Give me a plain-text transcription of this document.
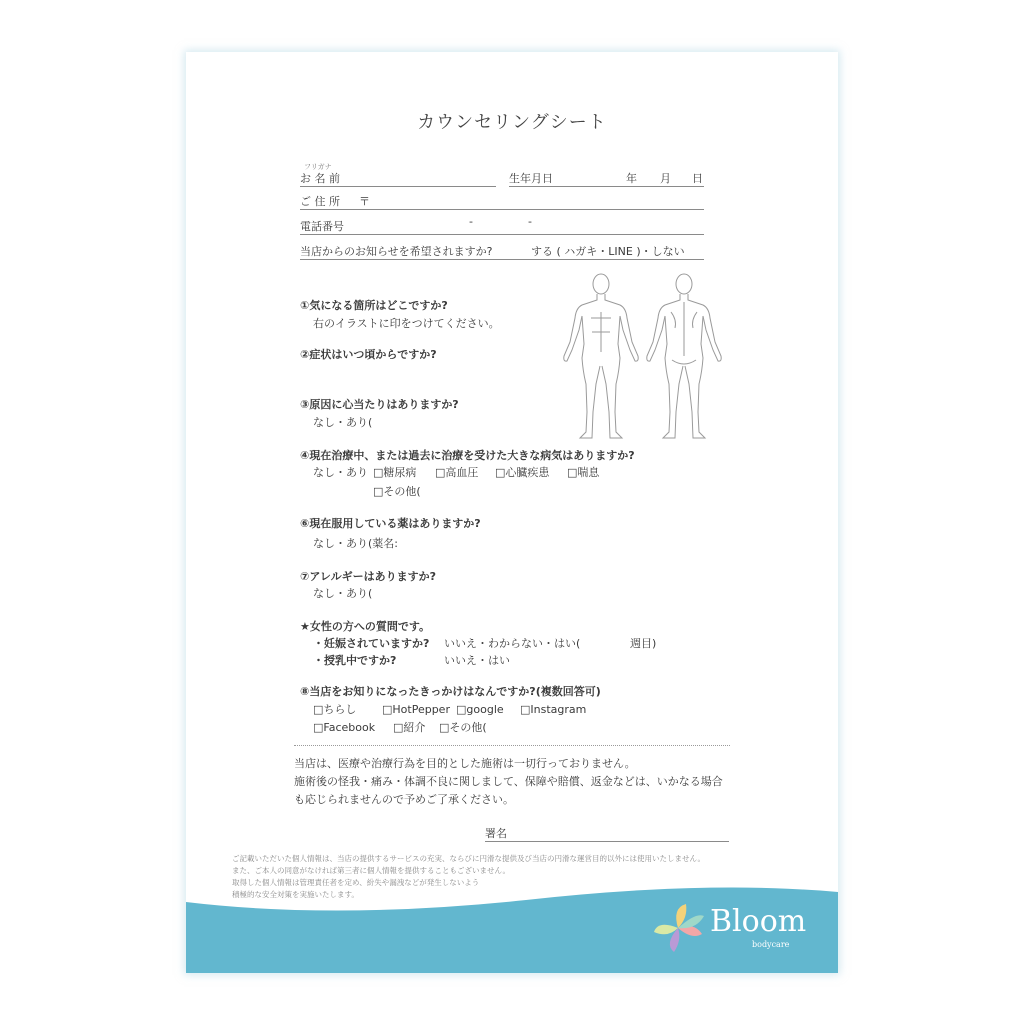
カウンセリングシート
フリガナ
お 名 前	生年月日	年 月 日
ご 住 所 〒
電話番号	-	-
当店からのお知らせを希望されますか?	する ( ハガキ・LINE )・しない
①気になる箇所はどこですか?
右のイラストに印をつけてください。
②症状はいつ頃からですか?
③原因に心当たりはありますか?
なし・あり(
④現在治療中、または過去に治療を受けた大きな病気はありますか?
なし・あり □糖尿病 □高血圧 □心臓疾患 □喘息
□その他(
⑥現在服用している薬はありますか?
なし・あり(薬名:
⑦アレルギーはありますか?
なし・あり(
★女性の方への質問です。
・妊娠されていますか? いいえ・わからない・はい(	週目)
・授乳中ですか?	いいえ・はい
⑧当店をお知りになったきっかけはなんですか?(複数回答可)
□ちらし □HotPepper □google □Instagram
□Facebook □紹介 □その他(
当店は、医療や治療行為を目的とした施術は一切行っておりません。
施術後の怪我・痛み・体調不良に関しまして、保障や賠償、返金などは、いかなる場合
も応じられませんので予めご了承ください。
署名
ご記載いただいた個人情報は、当店の提供するサービスの充実、ならびに円滑な提供及び当店の円滑な運営目的以外には使用いたしません。
また、ご本人の同意がなければ第三者に個人情報を提供することもございません。
取得した個人情報は管理責任者を定め、紛失や漏洩などが発生しないよう
積極的な安全対策を実施いたします。
Bloom
bodycare
